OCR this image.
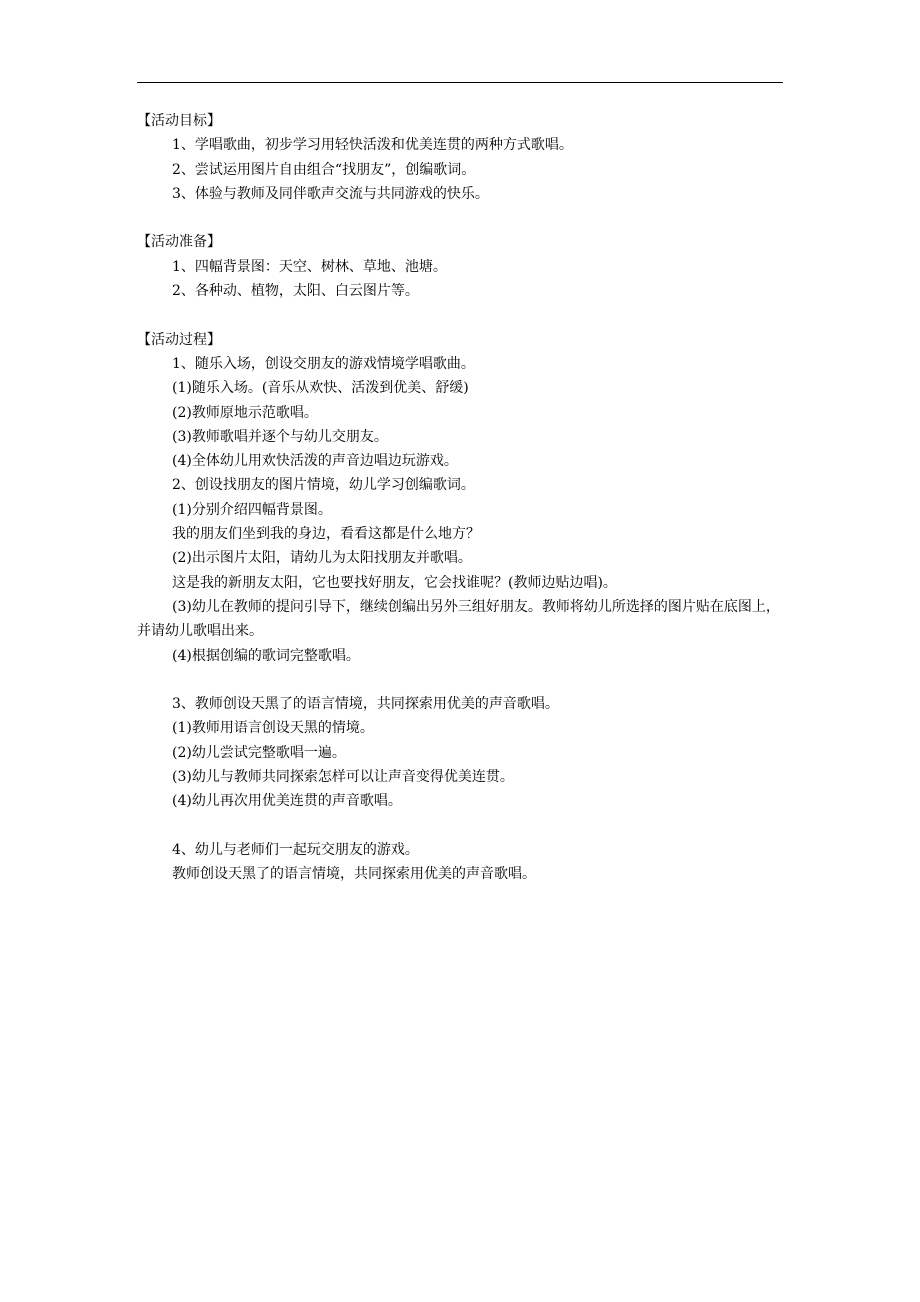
【活动目标】
1、学唱歌曲，初步学习用轻快活泼和优美连贯的两种方式歌唱。
2、尝试运用图片自由组合“找朋友”，创编歌词。
3、体验与教师及同伴歌声交流与共同游戏的快乐。
【活动准备】
1、四幅背景图：天空、树林、草地、池塘。
2、各种动、植物，太阳、白云图片等。
【活动过程】
1、随乐入场，创设交朋友的游戏情境学唱歌曲。
(1)随乐入场。(音乐从欢快、活泼到优美、舒缓)
(2)教师原地示范歌唱。
(3)教师歌唱并逐个与幼儿交朋友。
(4)全体幼儿用欢快活泼的声音边唱边玩游戏。
2、创设找朋友的图片情境，幼儿学习创编歌词。
(1)分别介绍四幅背景图。
我的朋友们坐到我的身边，看看这都是什么地方？
(2)出示图片太阳，请幼儿为太阳找朋友并歌唱。
这是我的新朋友太阳，它也要找好朋友，它会找谁呢？(教师边贴边唱)。
(3)幼儿在教师的提问引导下，继续创编出另外三组好朋友。教师将幼儿所选择的图片贴在底图上，并请幼儿歌唱出来。
(4)根据创编的歌词完整歌唱。
3、教师创设天黑了的语言情境，共同探索用优美的声音歌唱。
(1)教师用语言创设天黑的情境。
(2)幼儿尝试完整歌唱一遍。
(3)幼儿与教师共同探索怎样可以让声音变得优美连贯。
(4)幼儿再次用优美连贯的声音歌唱。
4、幼儿与老师们一起玩交朋友的游戏。
教师创设天黑了的语言情境，共同探索用优美的声音歌唱。
